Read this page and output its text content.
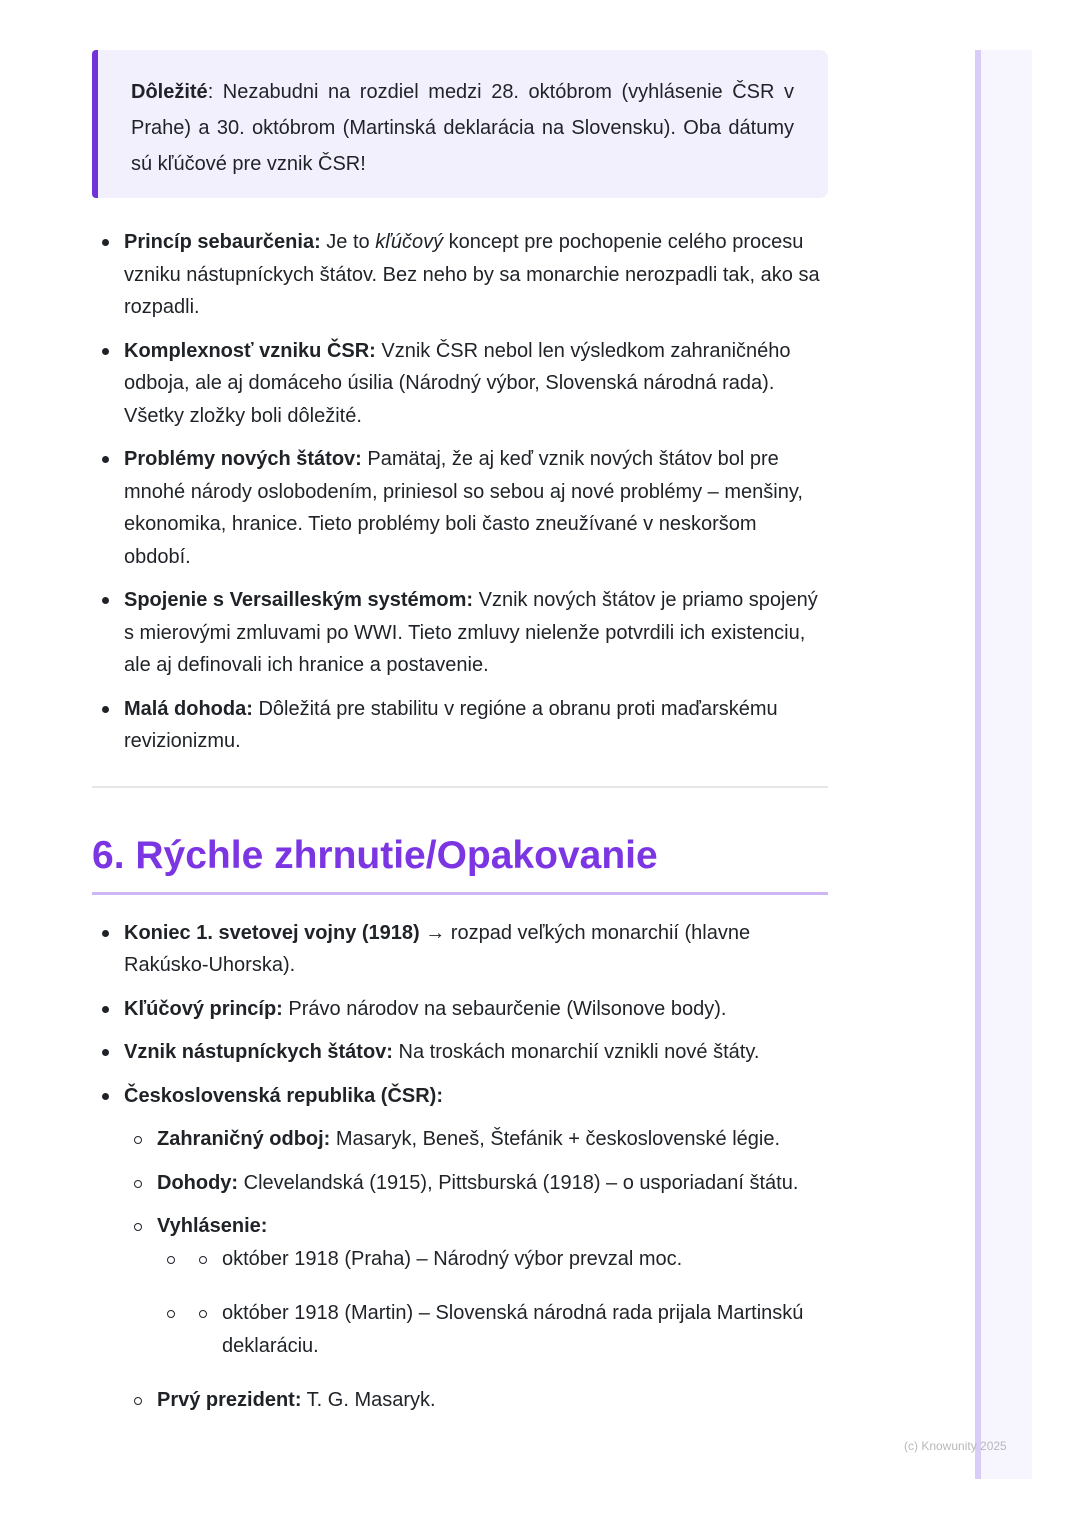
Dôležité: Nezabudni na rozdiel medzi 28. októbrom (vyhlásenie ČSR v Prahe) a 30. októbrom (Martinská deklarácia na Slovensku). Oba dátumy sú kľúčové pre vznik ČSR!
Princíp sebaurčenia: Je to kľúčový koncept pre pochopenie celého procesu vzniku nástupníckych štátov. Bez neho by sa monarchie nerozpadli tak, ako sa rozpadli.
Komplexnosť vzniku ČSR: Vznik ČSR nebol len výsledkom zahraničného odboja, ale aj domáceho úsilia (Národný výbor, Slovenská národná rada). Všetky zložky boli dôležité.
Problémy nových štátov: Pamätaj, že aj keď vznik nových štátov bol pre mnohé národy oslobodením, priniesol so sebou aj nové problémy – menšiny, ekonomika, hranice. Tieto problémy boli často zneužívané v neskoršom období.
Spojenie s Versailleským systémom: Vznik nových štátov je priamo spojený s mierovými zmluvami po WWI. Tieto zmluvy nielenže potvrdili ich existenciu, ale aj definovali ich hranice a postavenie.
Malá dohoda: Dôležitá pre stabilitu v regióne a obranu proti maďarskému revizionizmu.
6. Rýchle zhrnutie/Opakovanie
Koniec 1. svetovej vojny (1918) → rozpad veľkých monarchií (hlavne Rakúsko-Uhorska).
Kľúčový princíp: Právo národov na sebaurčenie (Wilsonove body).
Vznik nástupníckych štátov: Na troskách monarchií vznikli nové štáty.
Československá republika (ČSR):
Zahraničný odboj: Masaryk, Beneš, Štefánik + československé légie.
Dohody: Clevelandská (1915), Pittsburská (1918) – o usporiadaní štátu.
Vyhlásenie:
október 1918 (Praha) – Národný výbor prevzal moc.
október 1918 (Martin) – Slovenská národná rada prijala Martinskú deklaráciu.
Prvý prezident: T. G. Masaryk.
(c) Knowunity 2025
